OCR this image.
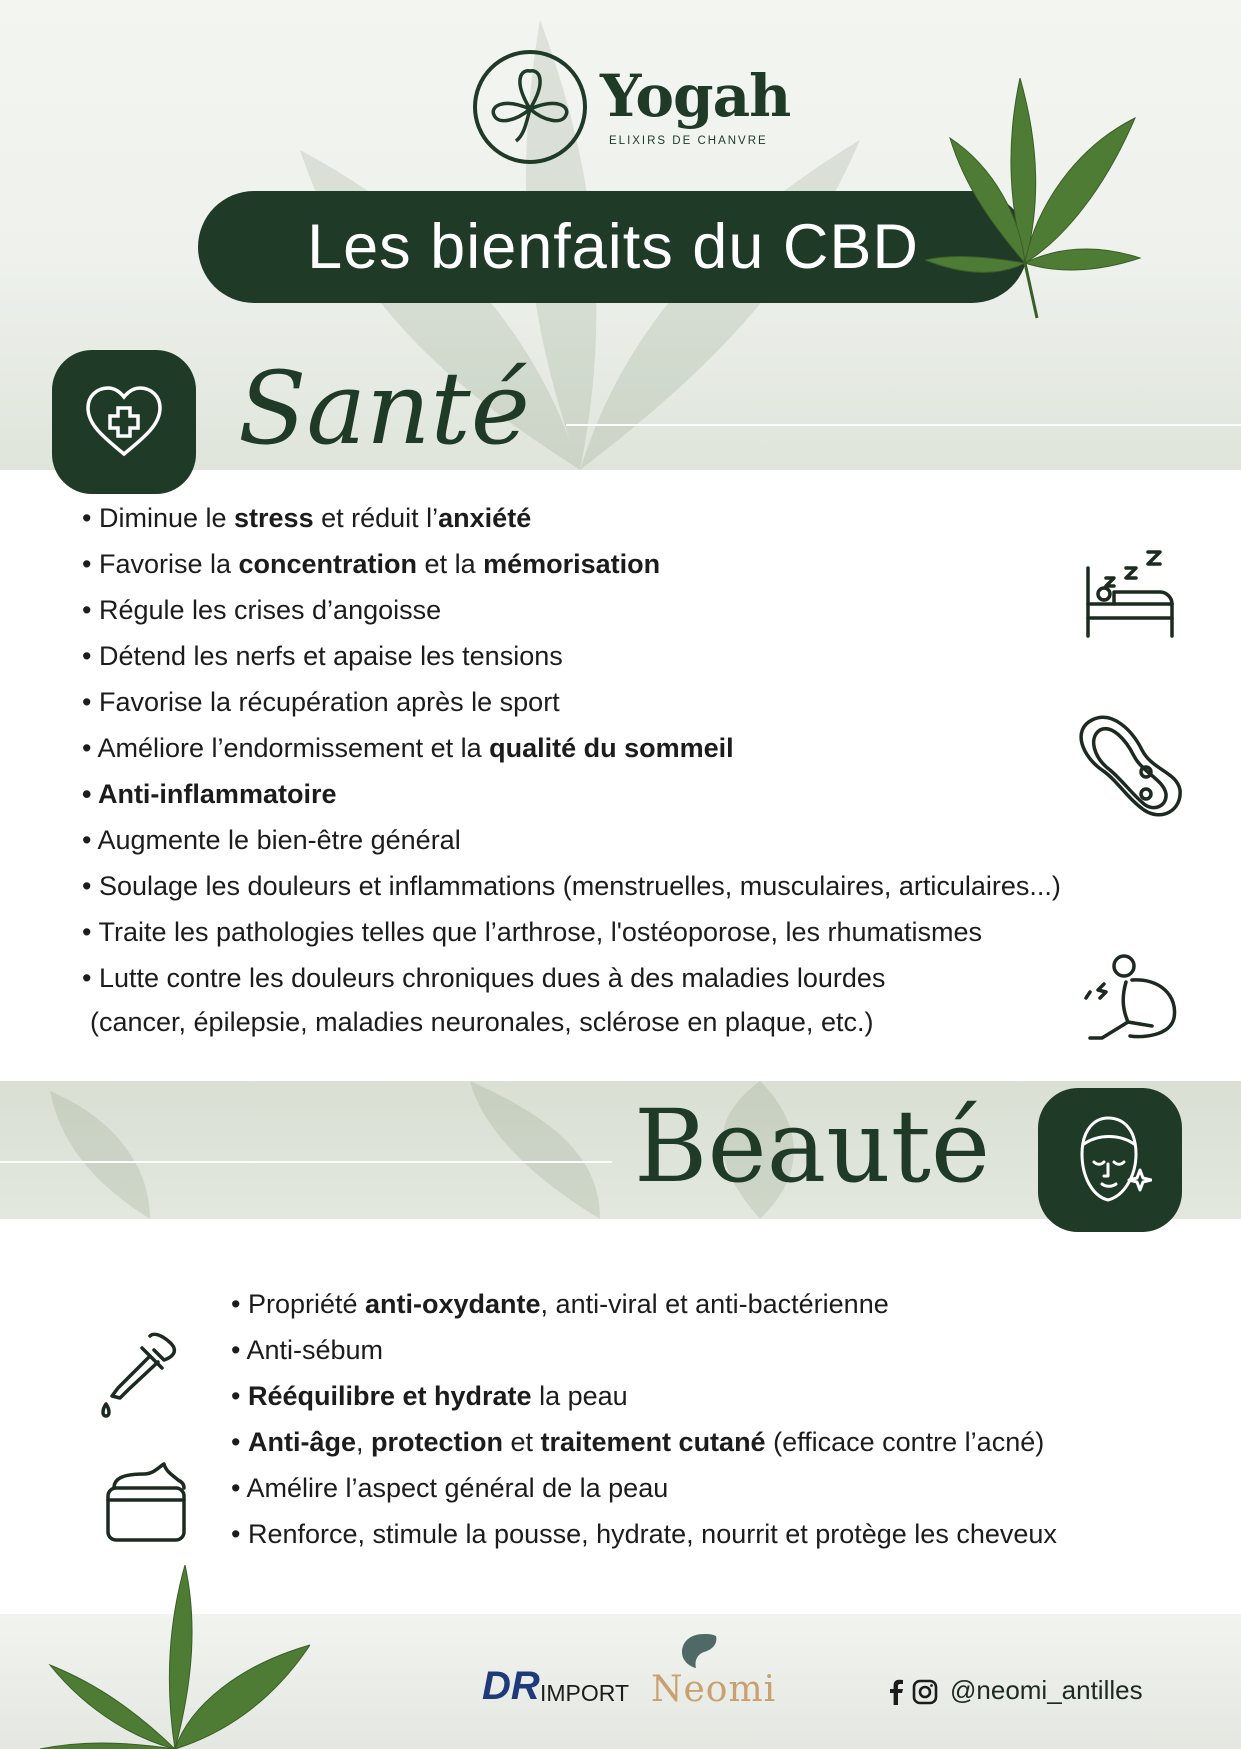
Yogah
ELIXIRS DE CHANVRE
Les bienfaits du CBD
Santé
• Diminue le stress et réduit l’anxiété
• Favorise la concentration et la mémorisation
• Régule les crises d’angoisse
• Détend les nerfs et apaise les tensions
• Favorise la récupération après le sport
• Améliore l’endormissement et la qualité du sommeil
• Anti-inflammatoire
• Augmente le bien-être général
• Soulage les douleurs et inflammations (menstruelles, musculaires, articulaires...)
• Traite les pathologies telles que l’arthrose, l'ostéoporose, les rhumatismes
• Lutte contre les douleurs chroniques dues à des maladies lourdes
(cancer, épilepsie, maladies neuronales, sclérose en plaque, etc.)
Beauté
• Propriété anti-oxydante, anti-viral et anti-bactérienne
• Anti-sébum
• Rééquilibre et hydrate la peau
• Anti-âge, protection et traitement cutané (efficace contre l’acné)
• Amélire l’aspect général de la peau
• Renforce, stimule la pousse, hydrate, nourrit et protège les cheveux
DR IMPORT Neomi	@neomi_antilles
